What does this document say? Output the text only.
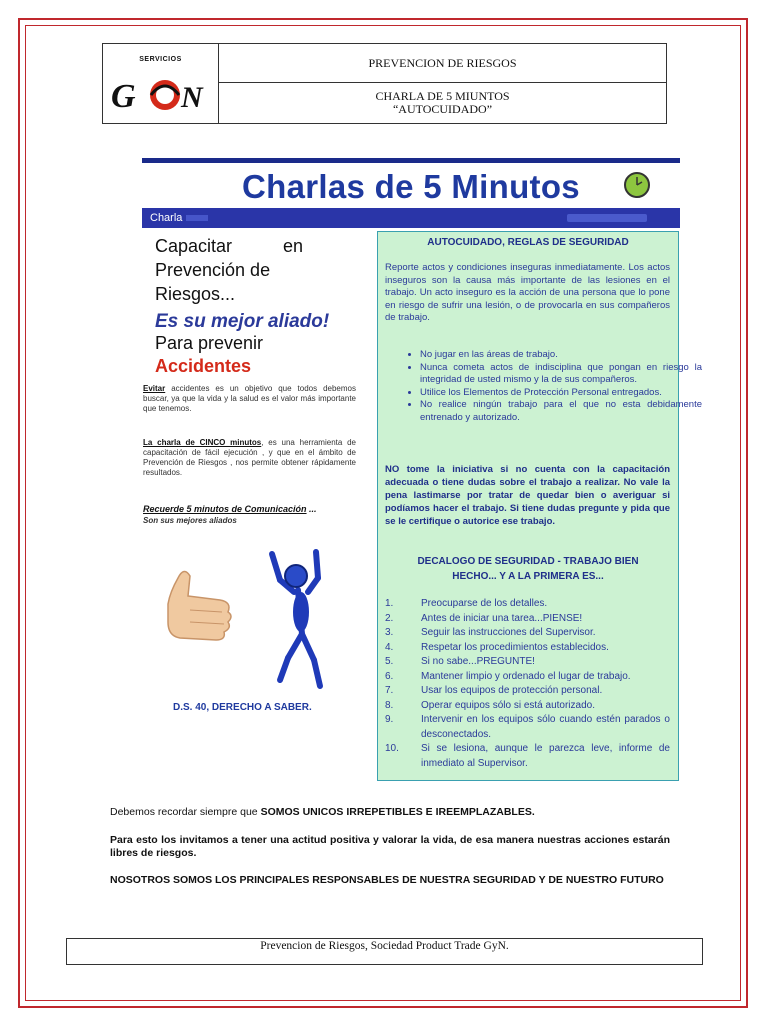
SERVICIOS
G N
PREVENCION DE RIESGOS
CHARLA DE 5 MIUNTOS
“AUTOCUIDADO”
Charlas de 5 Minutos
Charla
Capacitar	en
Prevención de
Riesgos...
Es su mejor aliado!
Para prevenir
Accidentes
Evitar accidentes es un objetivo que todos debemos buscar, ya que la vida y la salud es el valor más importante que tenemos.
La charla de CINCO minutos, es una herramienta de capacitación de fácil ejecución , y que en el ámbito de Prevención de Riesgos , nos permite obtener rápidamente resultados.
Recuerde 5 minutos de Comunicación ...
Son sus mejores aliados
D.S. 40, DERECHO A SABER.
AUTOCUIDADO, REGLAS DE SEGURIDAD
Reporte actos y condiciones inseguras inmediatamente. Los actos inseguros son la causa más importante de las lesiones en el trabajo. Un acto inseguro es la acción de una persona que lo pone en riesgo de sufrir una lesión, o de provocarla en sus compañeros de trabajo.
• No jugar en las áreas de trabajo.
• Nunca cometa actos de indisciplina que pongan en riesgo la integridad de usted mismo y la de sus compañeros.
• Utilice los Elementos de Protección Personal entregados.
• No realice ningún trabajo para el que no esta debidamente entrenado y autorizado.
NO tome la iniciativa si no cuenta con la capacitación adecuada o tiene dudas sobre el trabajo a realizar. No vale la pena lastimarse por tratar de quedar bien o averiguar si podíamos hacer el trabajo. Si tiene dudas pregunte y pida que se le certifique o autorice ese trabajo.
DECALOGO DE SEGURIDAD - TRABAJO BIEN HECHO... Y A LA PRIMERA ES...
1.	Preocuparse de los detalles.
2.	Antes de iniciar una tarea...PIENSE!
3.	Seguir las instrucciones del Supervisor.
4.	Respetar los procedimientos establecidos.
5.	Si no sabe...PREGUNTE!
6.	Mantener limpio y ordenado el lugar de trabajo.
7.	Usar los equipos de protección personal.
8.	Operar equipos sólo si está autorizado.
9.	Intervenir en los equipos sólo cuando estén parados o desconectados.
10.	Si se lesiona, aunque le parezca leve, informe de inmediato al Supervisor.
Debemos recordar siempre que SOMOS UNICOS IRREPETIBLES E IREEMPLAZABLES.
Para esto los invitamos a tener una actitud positiva y valorar la vida, de esa manera nuestras acciones estarán libres de riesgos.
NOSOTROS SOMOS LOS PRINCIPALES RESPONSABLES DE NUESTRA SEGURIDAD Y DE NUESTRO FUTURO
Prevencion de Riesgos, Sociedad Product Trade GyN.
